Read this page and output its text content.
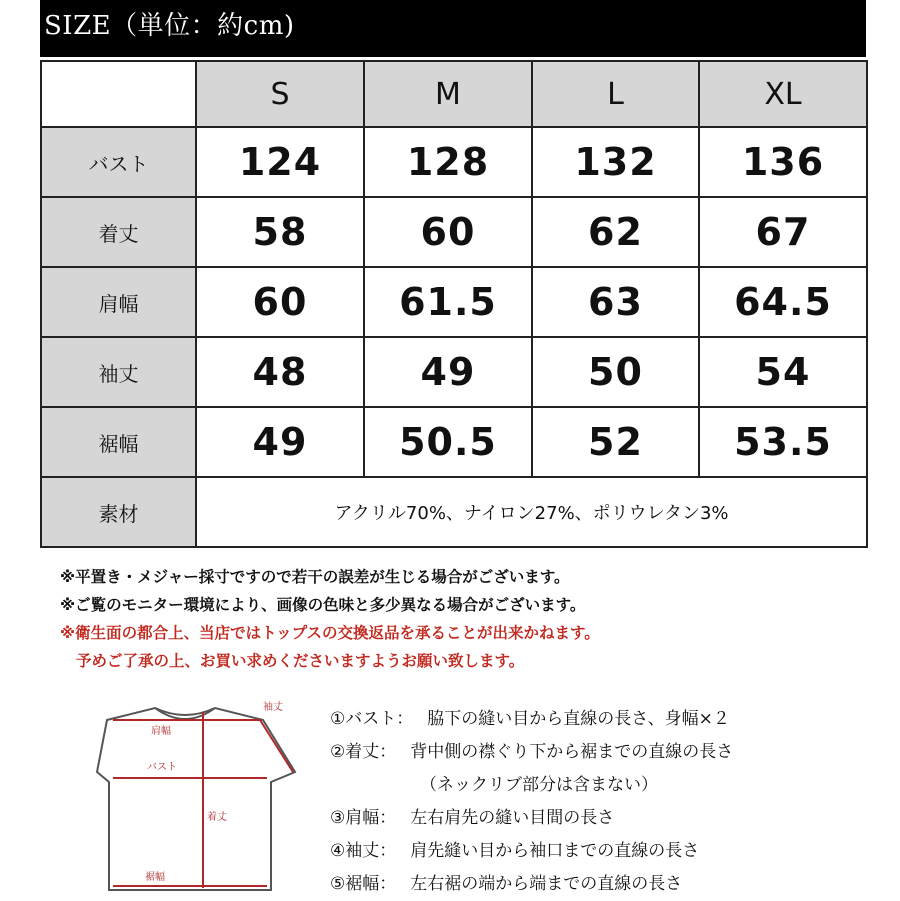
SIZE（単位：約cm)
	S	M	L	XL
バスト	124	128	132	136
着丈	58	60	62	67
肩幅	60	61.5	63	64.5
袖丈	48	49	50	54
裾幅	49	50.5	52	53.5
素材	アクリル70%、ナイロン27%、ポリウレタン3%			
※平置き・メジャー採寸ですので若干の誤差が生じる場合がございます。
※ご覧のモニター環境により、画像の色味と多少異なる場合がございます。
※衛生面の都合上、当店ではトップスの交換返品を承ることが出来かねます。
予めご了承の上、お買い求めくださいますようお願い致します。
袖丈
肩幅
バスト
着丈
裾幅
①バスト： 脇下の縫い目から直線の長さ、身幅×２
②着丈： 背中側の襟ぐり下から裾までの直線の長さ
（ネックリブ部分は含まない）
③肩幅： 左右肩先の縫い目間の長さ
④袖丈： 肩先縫い目から袖口までの直線の長さ
⑤裾幅： 左右裾の端から端までの直線の長さ
